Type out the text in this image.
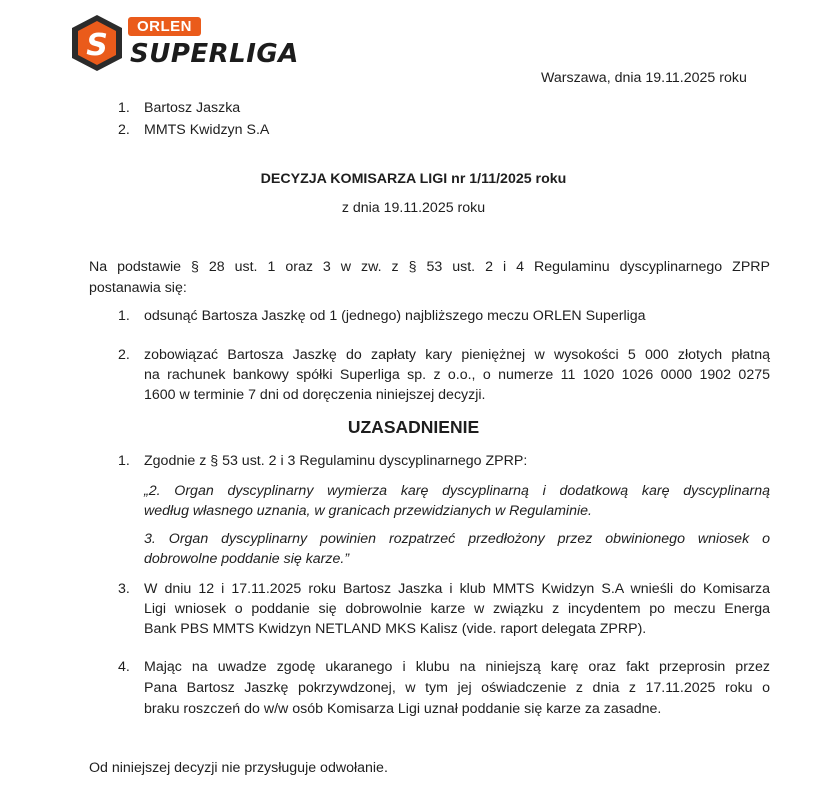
S
ORLEN
SUPERLIGA
Warszawa, dnia 19.11.2025 roku
1. Bartosz Jaszka
2. MMTS Kwidzyn S.A
DECYZJA KOMISARZA LIGI nr 1/11/2025 roku
z dnia 19.11.2025 roku
Na podstawie § 28 ust. 1 oraz 3 w zw. z § 53 ust. 2 i 4 Regulaminu dyscyplinarnego ZPRP
postanawia się:
1. odsunąć Bartosza Jaszkę od 1 (jednego) najbliższego meczu ORLEN Superliga
2. zobowiązać Bartosza Jaszkę do zapłaty kary pieniężnej w wysokości 5 000 złotych płatną
na rachunek bankowy spółki Superliga sp. z o.o., o numerze 11 1020 1026 0000 1902 0275
1600 w terminie 7 dni od doręczenia niniejszej decyzji.
UZASADNIENIE
1. Zgodnie z § 53 ust. 2 i 3 Regulaminu dyscyplinarnego ZPRP:
„2. Organ dyscyplinarny wymierza karę dyscyplinarną i dodatkową karę dyscyplinarną
według własnego uznania, w granicach przewidzianych w Regulaminie.
3. Organ dyscyplinarny powinien rozpatrzeć przedłożony przez obwinionego wniosek o
dobrowolne poddanie się karze.”
3. W dniu 12 i 17.11.2025 roku Bartosz Jaszka i klub MMTS Kwidzyn S.A wnieśli do Komisarza
Ligi wniosek o poddanie się dobrowolnie karze w związku z incydentem po meczu Energa
Bank PBS MMTS Kwidzyn NETLAND MKS Kalisz (vide. raport delegata ZPRP).
4. Mając na uwadze zgodę ukaranego i klubu na niniejszą karę oraz fakt przeprosin przez
Pana Bartosz Jaszkę pokrzywdzonej, w tym jej oświadczenie z dnia z 17.11.2025 roku o
braku roszczeń do w/w osób Komisarza Ligi uznał poddanie się karze za zasadne.
Od niniejszej decyzji nie przysługuje odwołanie.
